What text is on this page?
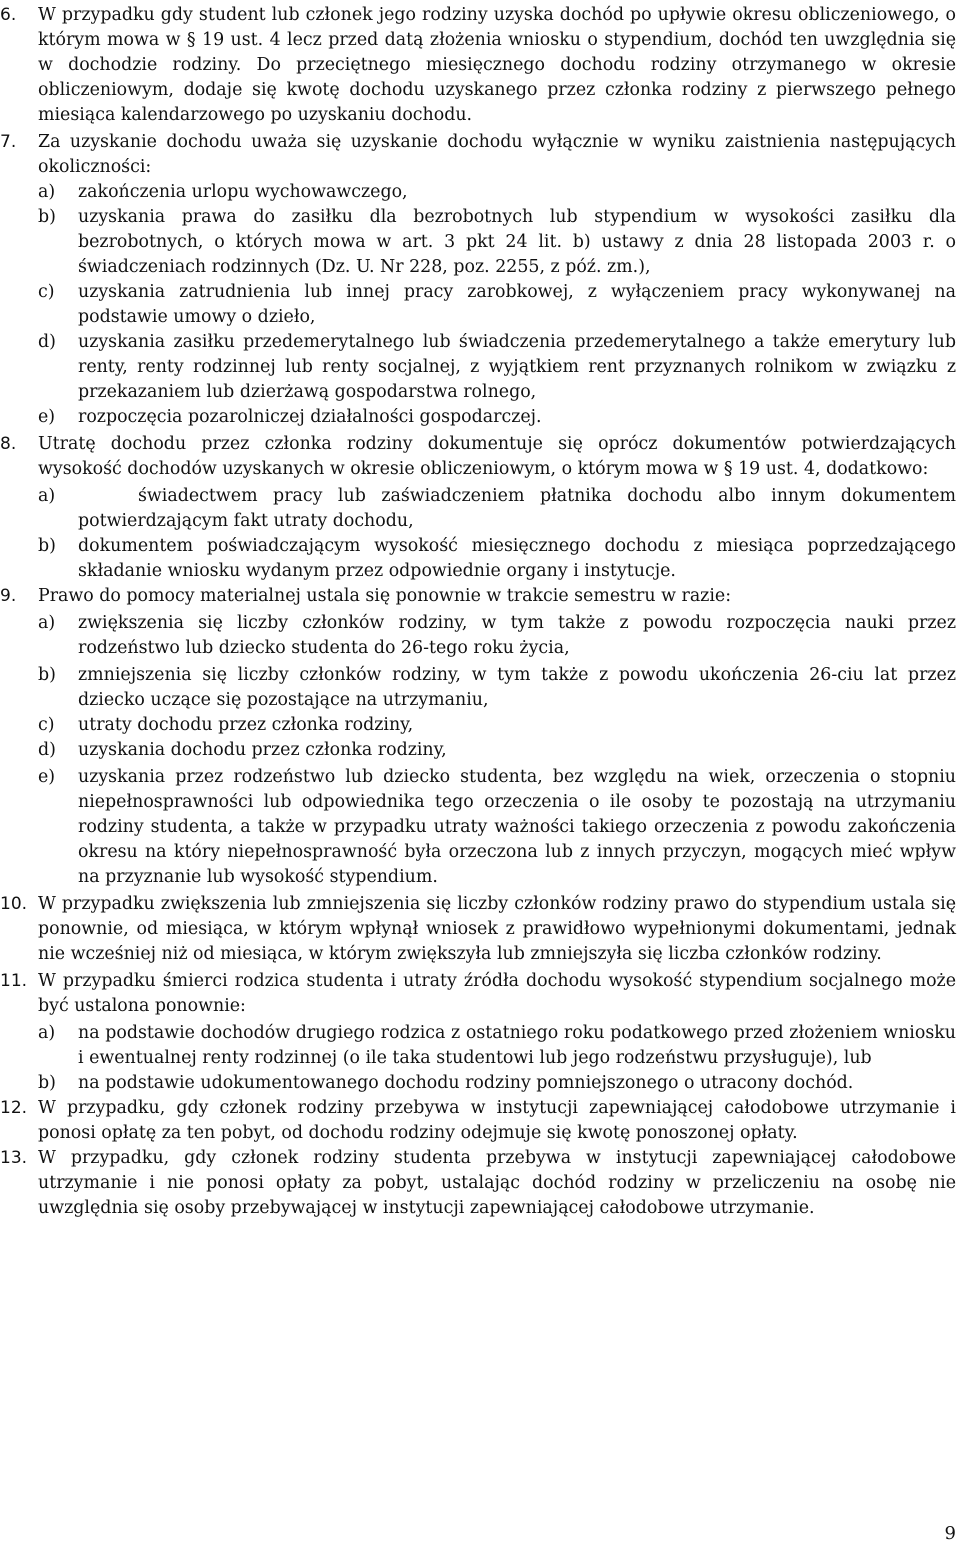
6. W przypadku gdy student lub członek jego rodziny uzyska dochód po upływie okresu obliczeniowego, o którym mowa w § 19 ust. 4 lecz przed datą złożenia wniosku o stypendium, dochód ten uwzględnia się w dochodzie rodziny. Do przeciętnego miesięcznego dochodu rodziny otrzymanego w okresie obliczeniowym, dodaje się kwotę dochodu uzyskanego przez członka rodziny z pierwszego pełnego miesiąca kalendarzowego po uzyskaniu dochodu.
7. Za uzyskanie dochodu uważa się uzyskanie dochodu wyłącznie w wyniku zaistnienia następujących okoliczności:
a) zakończenia urlopu wychowawczego,
b) uzyskania prawa do zasiłku dla bezrobotnych lub stypendium w wysokości zasiłku dla bezrobotnych, o których mowa w art. 3 pkt 24 lit. b) ustawy z dnia 28 listopada 2003 r. o świadczeniach rodzinnych (Dz. U. Nr 228, poz. 2255, z póź. zm.),
c) uzyskania zatrudnienia lub innej pracy zarobkowej, z wyłączeniem pracy wykonywanej na podstawie umowy o dzieło,
d) uzyskania zasiłku przedemerytalnego lub świadczenia przedemerytalnego a także emerytury lub renty, renty rodzinnej lub renty socjalnej, z wyjątkiem rent przyznanych rolnikom w związku z przekazaniem lub dzierżawą gospodarstwa rolnego,
e) rozpoczęcia pozarolniczej działalności gospodarczej.
8. Utratę dochodu przez członka rodziny dokumentuje się oprócz dokumentów potwierdzających wysokość dochodów uzyskanych w okresie obliczeniowym, o którym mowa w § 19 ust. 4, dodatkowo:
a)	świadectwem pracy lub zaświadczeniem płatnika dochodu albo innym dokumentem potwierdzającym fakt utraty dochodu,
b) dokumentem poświadczającym wysokość miesięcznego dochodu z miesiąca poprzedzającego składanie wniosku wydanym przez odpowiednie organy i instytucje.
9. Prawo do pomocy materialnej ustala się ponownie w trakcie semestru w razie:
a) zwiększenia się liczby członków rodziny, w tym także z powodu rozpoczęcia nauki przez rodzeństwo lub dziecko studenta do 26-tego roku życia,
b) zmniejszenia się liczby członków rodziny, w tym także z powodu ukończenia 26-ciu lat przez dziecko uczące się pozostające na utrzymaniu,
c) utraty dochodu przez członka rodziny,
d) uzyskania dochodu przez członka rodziny,
e) uzyskania przez rodzeństwo lub dziecko studenta, bez względu na wiek, orzeczenia o stopniu niepełnosprawności lub odpowiednika tego orzeczenia o ile osoby te pozostają na utrzymaniu rodziny studenta, a także w przypadku utraty ważności takiego orzeczenia z powodu zakończenia okresu na który niepełnosprawność była orzeczona lub z innych przyczyn, mogących mieć wpływ na przyznanie lub wysokość stypendium.
10. W przypadku zwiększenia lub zmniejszenia się liczby członków rodziny prawo do stypendium ustala się ponownie, od miesiąca, w którym wpłynął wniosek z prawidłowo wypełnionymi dokumentami, jednak nie wcześniej niż od miesiąca, w którym zwiększyła lub zmniejszyła się liczba członków rodziny.
11. W przypadku śmierci rodzica studenta i utraty źródła dochodu wysokość stypendium socjalnego może być ustalona ponownie:
a) na podstawie dochodów drugiego rodzica z ostatniego roku podatkowego przed złożeniem wniosku i ewentualnej renty rodzinnej (o ile taka studentowi lub jego rodzeństwu przysługuje), lub
b) na podstawie udokumentowanego dochodu rodziny pomniejszonego o utracony dochód.
12. W przypadku, gdy członek rodziny przebywa w instytucji zapewniającej całodobowe utrzymanie i ponosi opłatę za ten pobyt, od dochodu rodziny odejmuje się kwotę ponoszonej opłaty.
13. W przypadku, gdy członek rodziny studenta przebywa w instytucji zapewniającej całodobowe utrzymanie i nie ponosi opłaty za pobyt, ustalając dochód rodziny w przeliczeniu na osobę nie uwzględnia się osoby przebywającej w instytucji zapewniającej całodobowe utrzymanie.
9
